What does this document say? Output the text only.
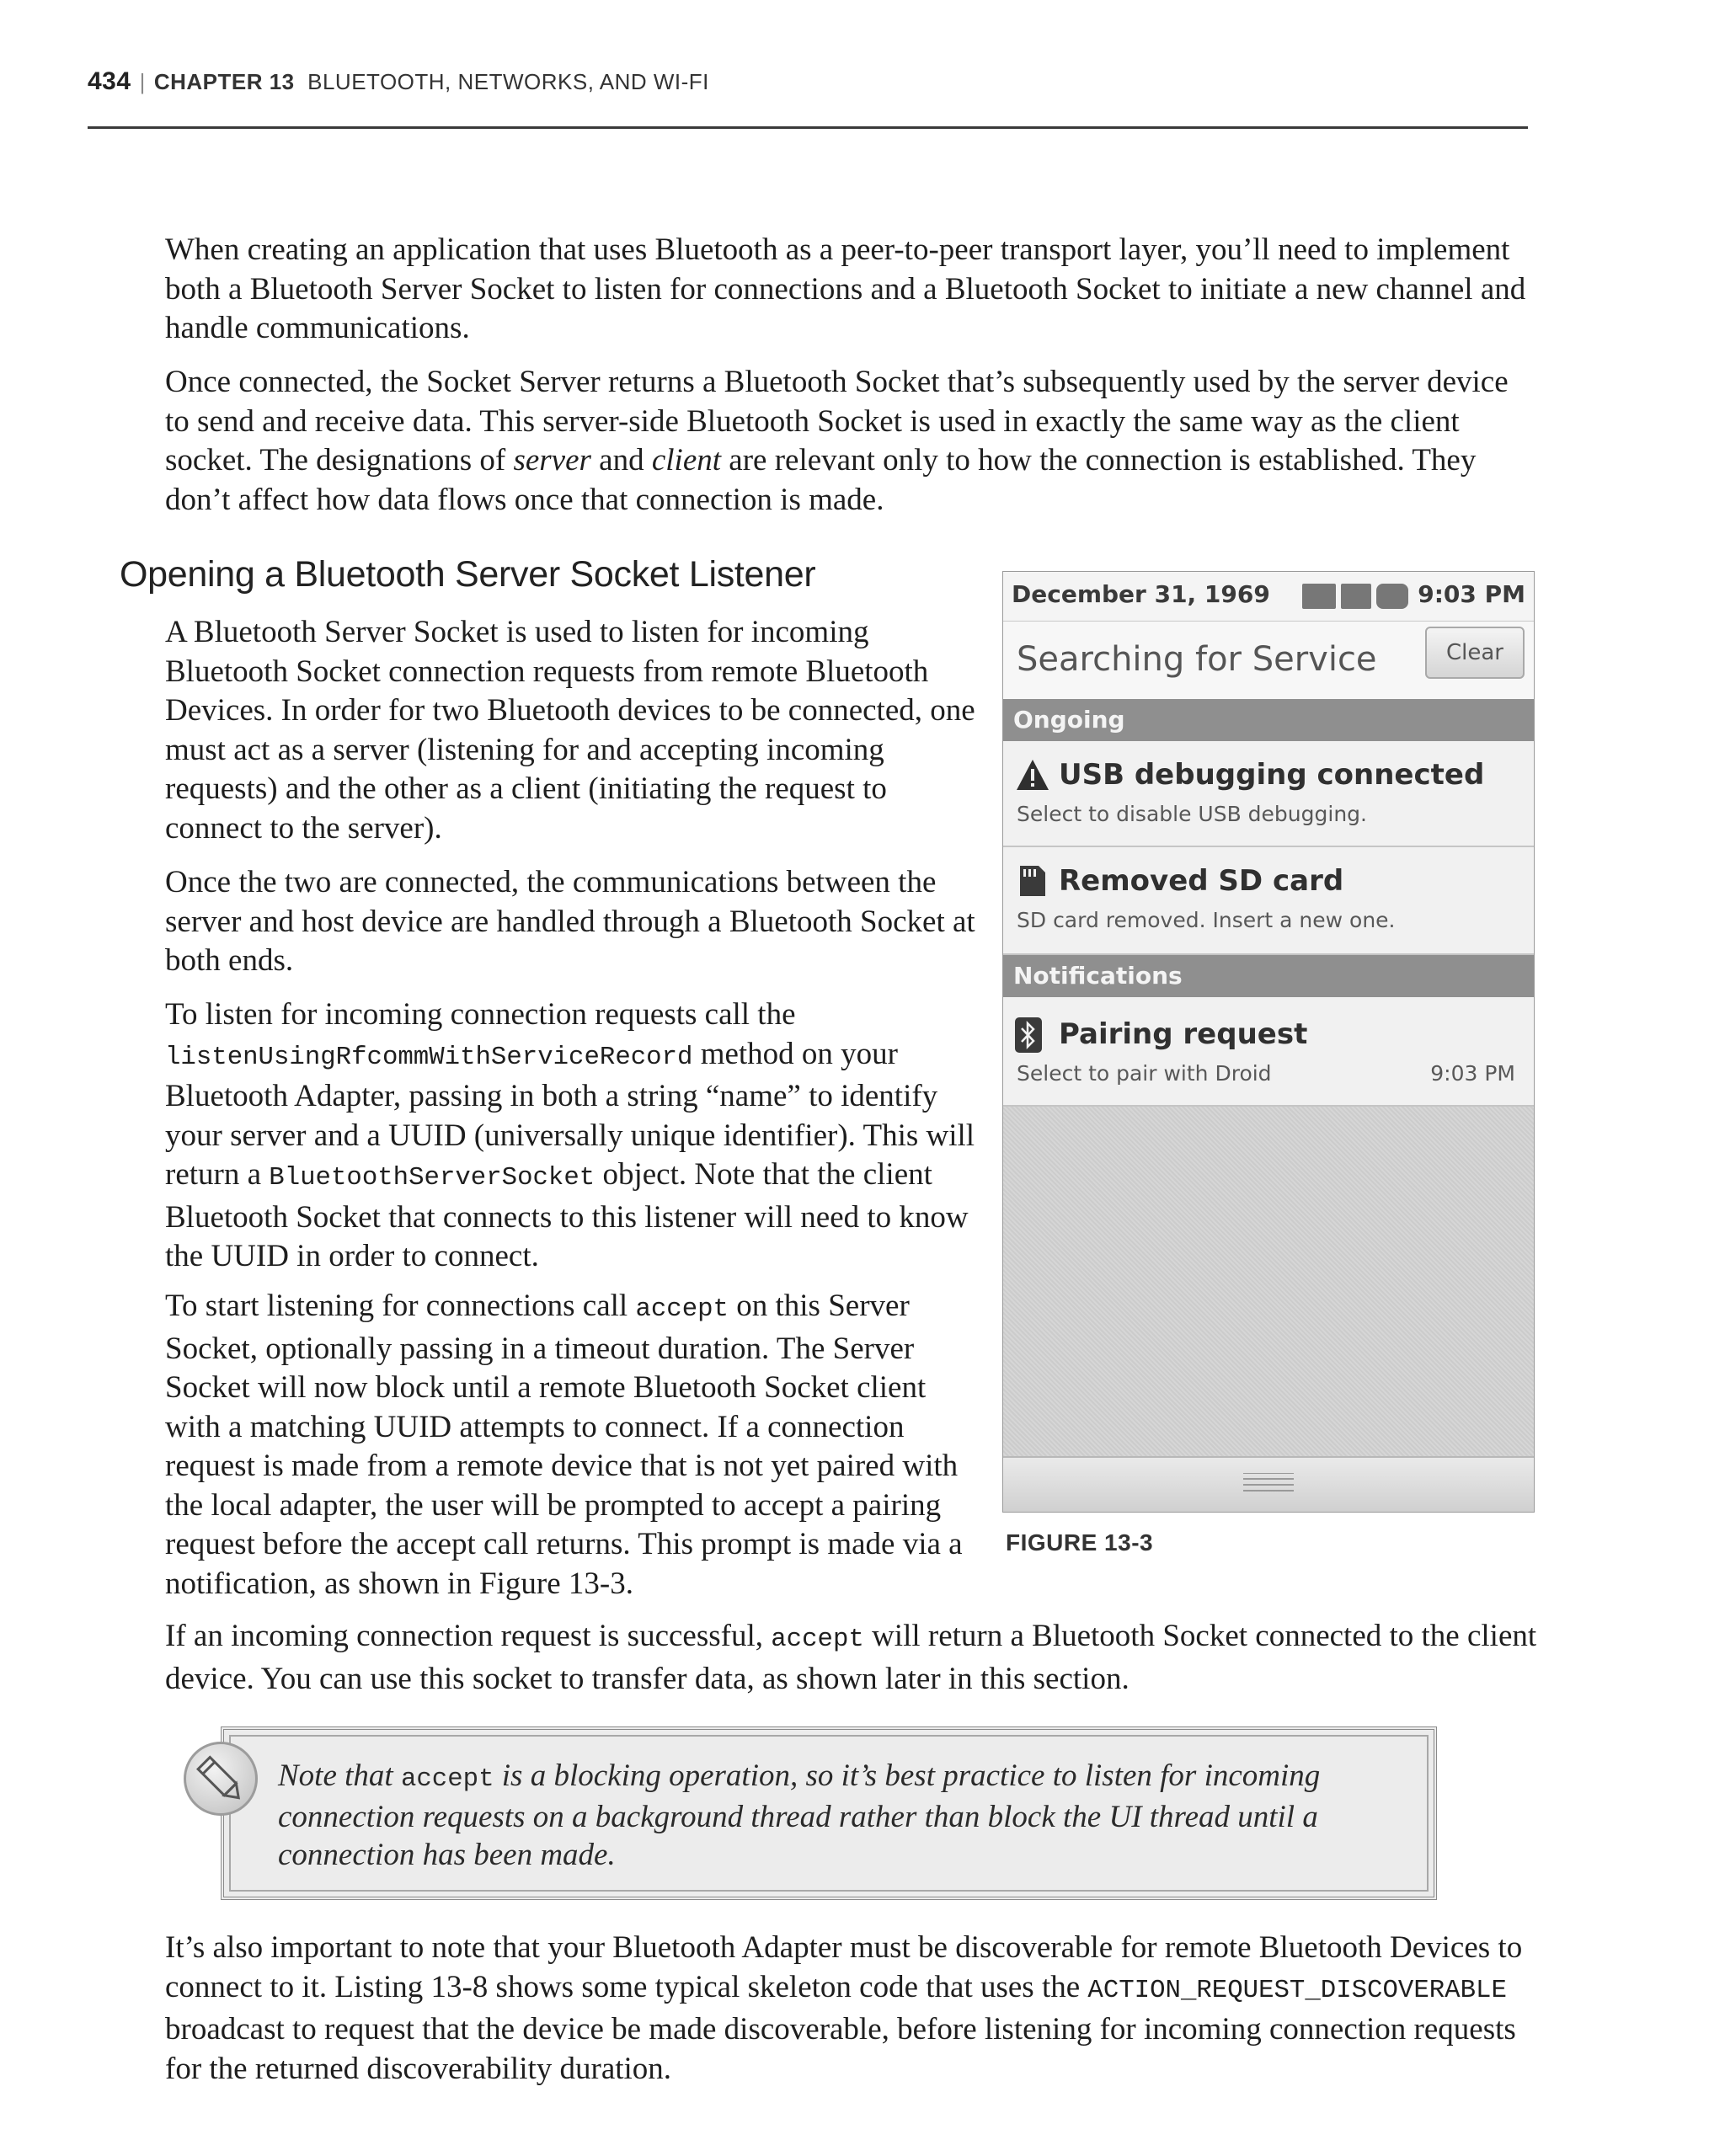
434 | CHAPTER 13 BLUETOOTH, NETWORKS, AND WI-FI

When creating an application that uses Bluetooth as a peer-to-peer transport layer, you’ll need to implement both a Bluetooth Server Socket to listen for connections and a Bluetooth Socket to initiate a new channel and handle communications.

Once connected, the Socket Server returns a Bluetooth Socket that’s subsequently used by the server device to send and receive data. This server-side Bluetooth Socket is used in exactly the same way as the client socket. The designations of server and client are relevant only to how the connection is established. They don’t affect how data flows once that connection is made.

Opening a Bluetooth Server Socket Listener

A Bluetooth Server Socket is used to listen for incoming Bluetooth Socket connection requests from remote Bluetooth Devices. In order for two Bluetooth devices to be connected, one must act as a server (listening for and accepting incoming requests) and the other as a client (initiating the request to connect to the server).

Once the two are connected, the communications between the server and host device are handled through a Bluetooth Socket at both ends.

To listen for incoming connection requests call the listenUsingRfcommWithServiceRecord method on your Bluetooth Adapter, passing in both a string “name” to identify your server and a UUID (universally unique identifier). This will return a BluetoothServerSocket object. Note that the client Bluetooth Socket that connects to this listener will need to know the UUID in order to connect.

To start listening for connections call accept on this Server Socket, optionally passing in a timeout duration. The Server Socket will now block until a remote Bluetooth Socket client with a matching UUID attempts to connect. If a connection request is made from a remote device that is not yet paired with the local adapter, the user will be prompted to accept a pairing request before the accept call returns. This prompt is made via a notification, as shown in Figure 13-3.

If an incoming connection request is successful, accept will return a Bluetooth Socket connected to the client device. You can use this socket to transfer data, as shown later in this section.

December 31, 1969	9:03 PM
Searching for Service	Clear
Ongoing
USB debugging connected
Select to disable USB debugging.
Removed SD card
SD card removed. Insert a new one.
Notifications
Pairing request
Select to pair with Droid	9:03 PM
FIGURE 13-3

Note that accept is a blocking operation, so it’s best practice to listen for incoming connection requests on a background thread rather than block the UI thread until a connection has been made.

It’s also important to note that your Bluetooth Adapter must be discoverable for remote Bluetooth Devices to connect to it. Listing 13-8 shows some typical skeleton code that uses the ACTION_REQUEST_DISCOVERABLE broadcast to request that the device be made discoverable, before listening for incoming connection requests for the returned discoverability duration.
